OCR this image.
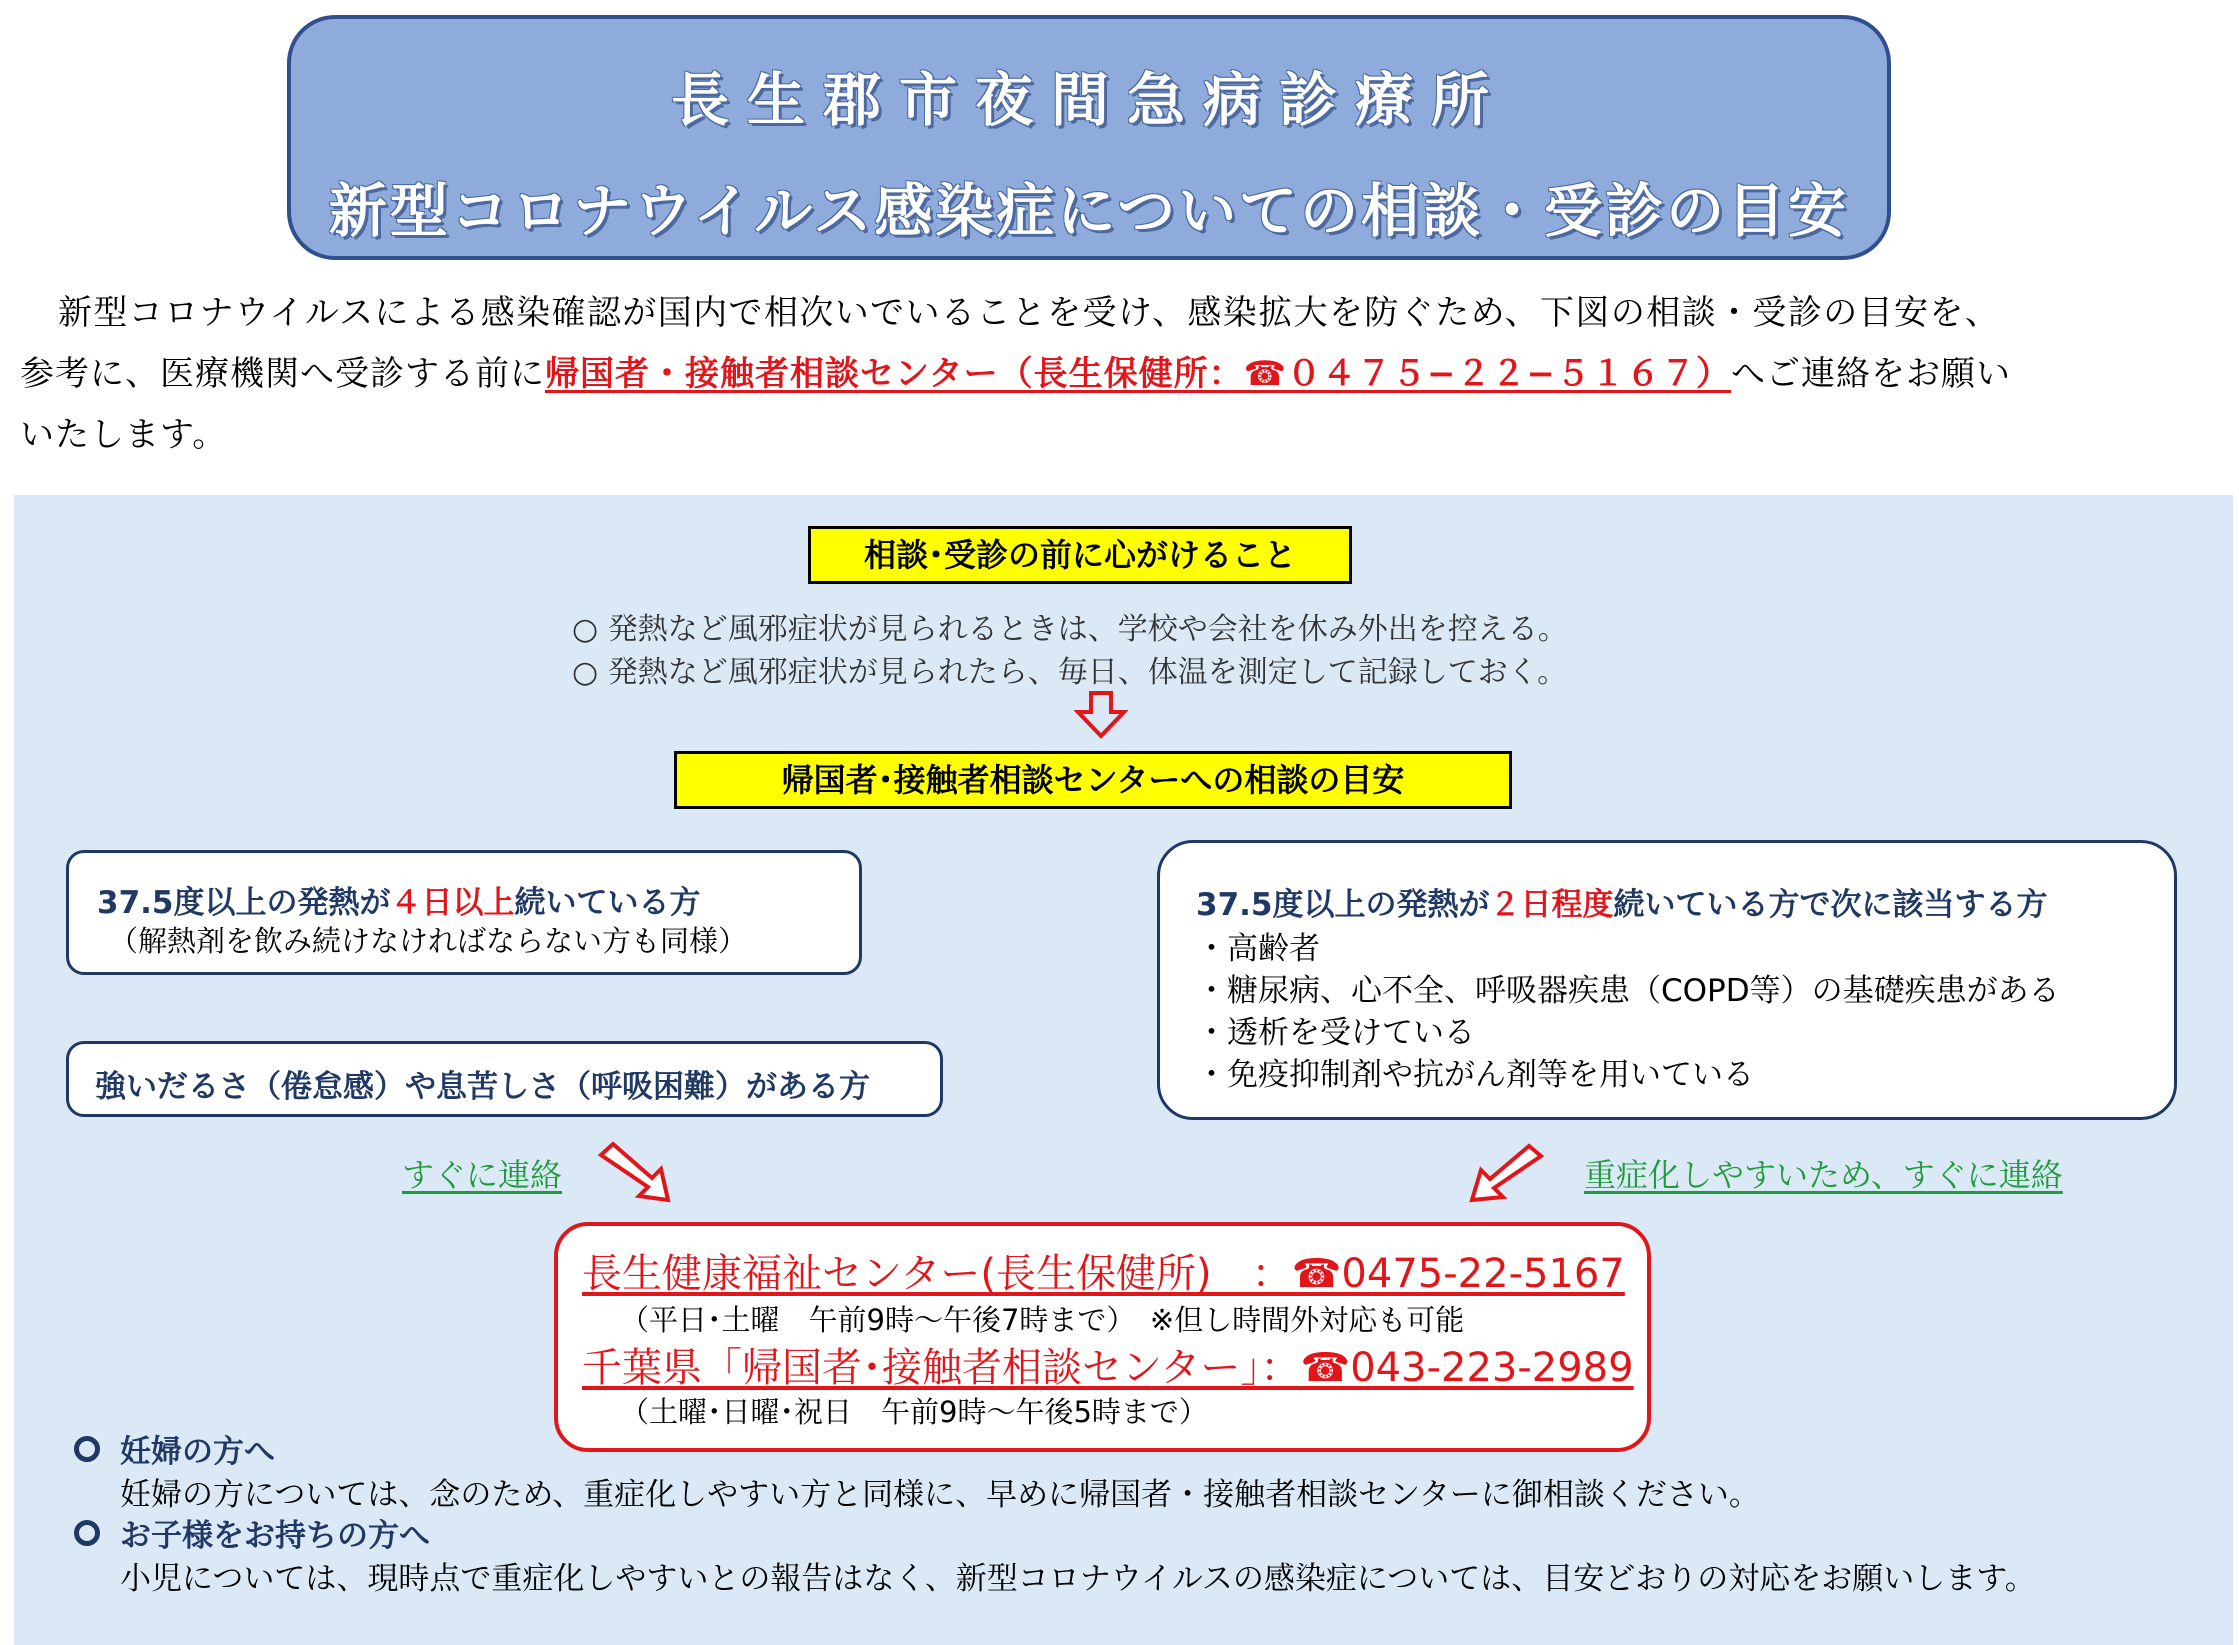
長生郡市夜間急病診療所
新型コロナウイルス感染症についての相談・受診の目安
新型コロナウイルスによる感染確認が国内で相次いでいることを受け、感染拡大を防ぐため、下図の相談・受診の目安を、
参考に、医療機関へ受診する前に帰国者・接触者相談センター（長生保健所：☎０４７５−２２−５１６７）へご連絡をお願い
いたします。
相談･受診の前に心がけること
○ 発熱など風邪症状が見られるときは、学校や会社を休み外出を控える。
○ 発熱など風邪症状が見られたら、毎日、体温を測定して記録しておく。
帰国者･接触者相談センターへの相談の目安
37.5度以上の発熱が４日以上続いている方
（解熱剤を飲み続けなければならない方も同様）
強いだるさ（倦怠感）や息苦しさ（呼吸困難）がある方
37.5度以上の発熱が２日程度続いている方で次に該当する方
・高齢者
・糖尿病、心不全、呼吸器疾患（COPD等）の基礎疾患がある
・透析を受けている
・免疫抑制剤や抗がん剤等を用いている
すぐに連絡	重症化しやすいため、すぐに連絡
長生健康福祉センター(長生保健所)　：☎0475-22-5167
（平日･土曜　午前9時～午後7時まで）　※但し時間外対応も可能
千葉県「帰国者･接触者相談センター」：☎043-223-2989
（土曜･日曜･祝日　午前9時～午後5時まで）
妊婦の方へ
妊婦の方については、念のため、重症化しやすい方と同様に、早めに帰国者・接触者相談センターに御相談ください。
お子様をお持ちの方へ
小児については、現時点で重症化しやすいとの報告はなく、新型コロナウイルスの感染症については、目安どおりの対応をお願いします。
